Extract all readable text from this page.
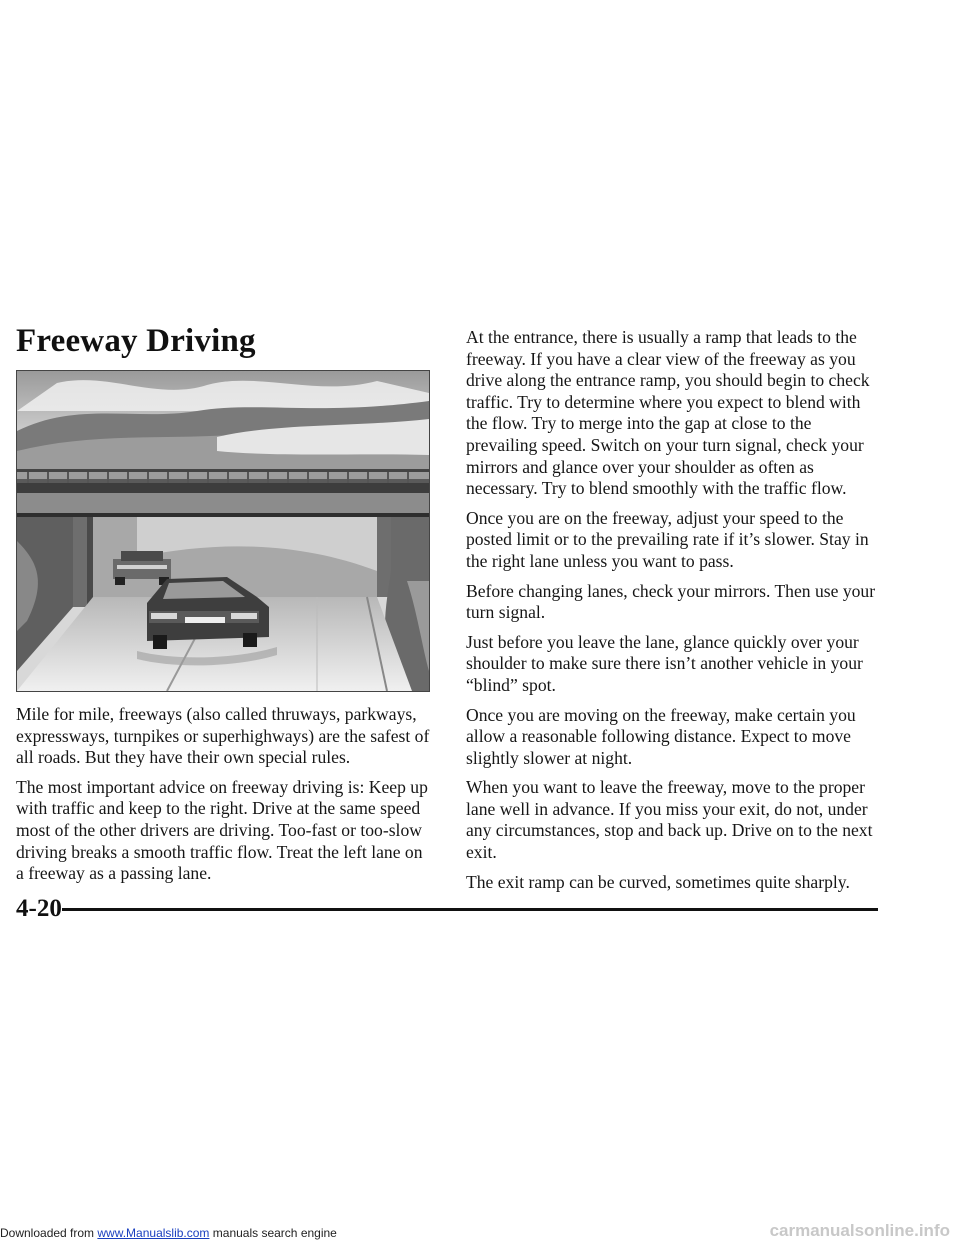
Freeway Driving

Mile for mile, freeways (also called thruways, parkways, expressways, turnpikes or superhighways) are the safest of all roads. But they have their own special rules.

The most important advice on freeway driving is: Keep up with traffic and keep to the right. Drive at the same speed most of the other drivers are driving. Too-fast or too-slow driving breaks a smooth traffic flow. Treat the left lane on a freeway as a passing lane.

At the entrance, there is usually a ramp that leads to the freeway. If you have a clear view of the freeway as you drive along the entrance ramp, you should begin to check traffic. Try to determine where you expect to blend with the flow. Try to merge into the gap at close to the prevailing speed. Switch on your turn signal, check your mirrors and glance over your shoulder as often as necessary. Try to blend smoothly with the traffic flow.

Once you are on the freeway, adjust your speed to the posted limit or to the prevailing rate if it’s slower. Stay in the right lane unless you want to pass.

Before changing lanes, check your mirrors. Then use your turn signal.

Just before you leave the lane, glance quickly over your shoulder to make sure there isn’t another vehicle in your “blind” spot.

Once you are moving on the freeway, make certain you allow a reasonable following distance. Expect to move slightly slower at night.

When you want to leave the freeway, move to the proper lane well in advance. If you miss your exit, do not, under any circumstances, stop and back up. Drive on to the next exit.

The exit ramp can be curved, sometimes quite sharply.

4-20
Downloaded from www.Manualslib.com manuals search engine	carmanualsonline.info
